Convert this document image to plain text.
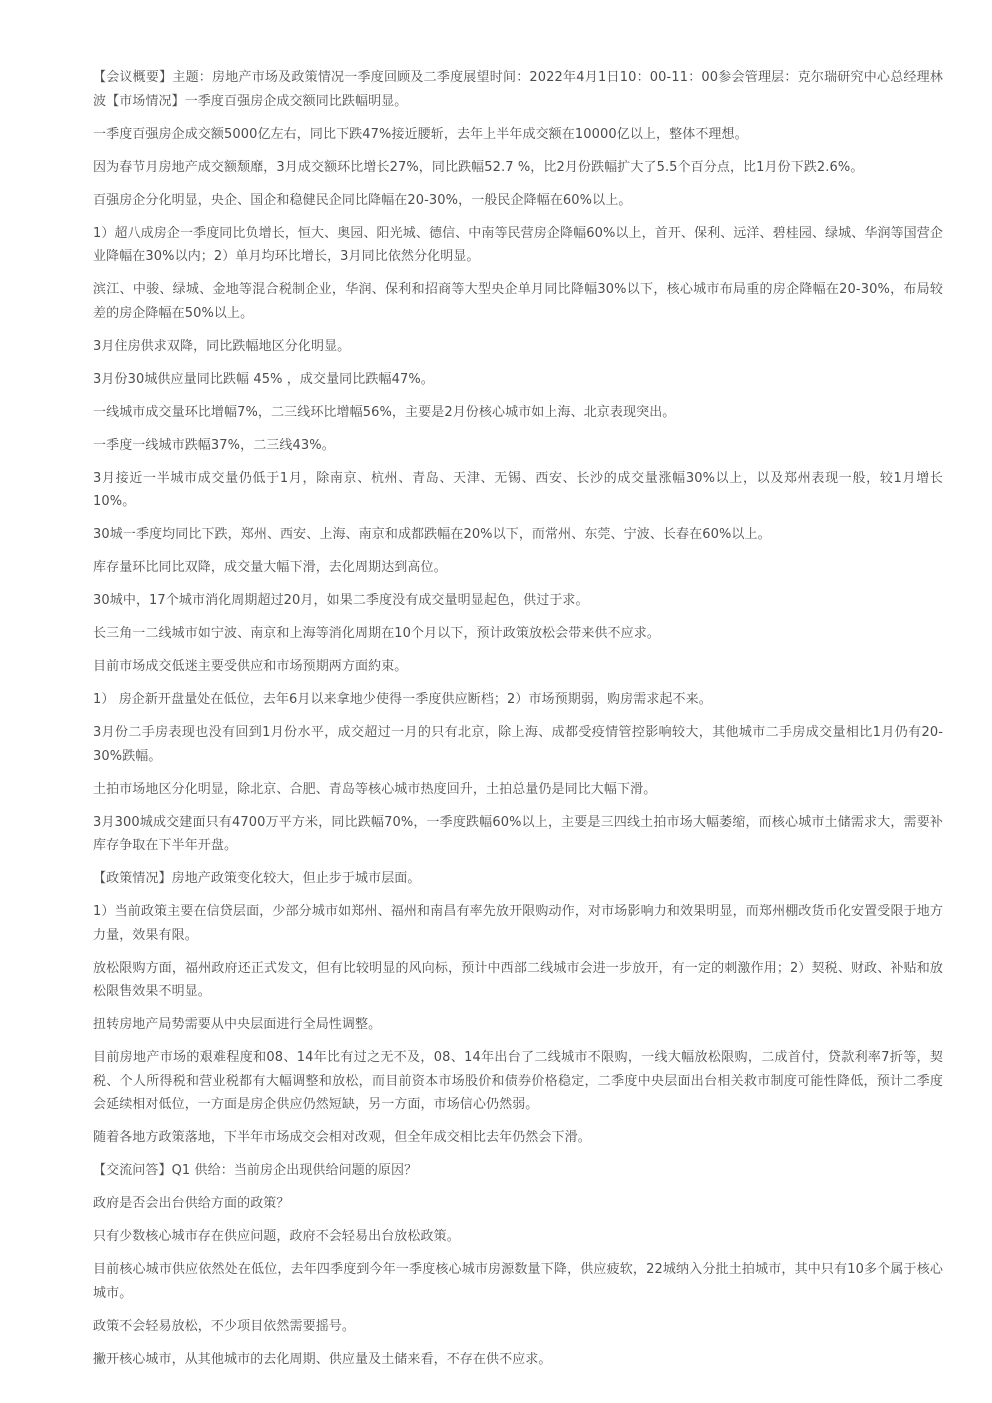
【会议概要】主题：房地产市场及政策情况一季度回顾及二季度展望时间：2022年4月1日10：00-11：00参会管理层：克尔瑞研究中心总经理林波【市场情况】一季度百强房企成交额同比跌幅明显。

一季度百强房企成交额5000亿左右，同比下跌47%接近腰斩，去年上半年成交额在10000亿以上，整体不理想。

因为春节月房地产成交额颓靡，3月成交额环比增长27%，同比跌幅52.7 %，比2月份跌幅扩大了5.5个百分点，比1月份下跌2.6%。

百强房企分化明显，央企、国企和稳健民企同比降幅在20-30%，一般民企降幅在60%以上。

1）超八成房企一季度同比负增长，恒大、奥园、阳光城、德信、中南等民营房企降幅60%以上，首开、保利、远洋、碧桂园、绿城、华润等国营企业降幅在30%以内；2）单月均环比增长，3月同比依然分化明显。

滨江、中骏、绿城、金地等混合税制企业，华润、保利和招商等大型央企单月同比降幅30%以下，核心城市布局重的房企降幅在20-30%，布局较差的房企降幅在50%以上。

3月住房供求双降，同比跌幅地区分化明显。

3月份30城供应量同比跌幅 45% ，成交量同比跌幅47%。

一线城市成交量环比增幅7%，二三线环比增幅56%，主要是2月份核心城市如上海、北京表现突出。

一季度一线城市跌幅37%，二三线43%。

3月接近一半城市成交量仍低于1月，除南京、杭州、青岛、天津、无锡、西安、长沙的成交量涨幅30%以上，以及郑州表现一般，较1月增长10%。

30城一季度均同比下跌，郑州、西安、上海、南京和成都跌幅在20%以下，而常州、东莞、宁波、长春在60%以上。

库存量环比同比双降，成交量大幅下滑，去化周期达到高位。

30城中，17个城市消化周期超过20月，如果二季度没有成交量明显起色，供过于求。

长三角一二线城市如宁波、南京和上海等消化周期在10个月以下，预计政策放松会带来供不应求。

目前市场成交低迷主要受供应和市场预期两方面約束。

1） 房企新开盘量处在低位，去年6月以来拿地少使得一季度供应断档；2）市场预期弱，购房需求起不来。

3月份二手房表现也没有回到1月份水平，成交超过一月的只有北京，除上海、成都受疫情管控影响较大，其他城市二手房成交量相比1月仍有20-30%跌幅。

土拍市场地区分化明显，除北京、合肥、青岛等核心城市热度回升，土拍总量仍是同比大幅下滑。

3月300城成交建面只有4700万平方米，同比跌幅70%，一季度跌幅60%以上，主要是三四线土拍市场大幅萎缩，而核心城市土储需求大，需要补库存争取在下半年开盘。

【政策情况】房地产政策变化较大，但止步于城市层面。

1）当前政策主要在信贷层面，少部分城市如郑州、福州和南昌有率先放开限购动作，对市场影响力和效果明显，而郑州棚改货币化安置受限于地方力量，效果有限。

放松限购方面，福州政府还正式发文，但有比较明显的风向标，预计中西部二线城市会进一步放开，有一定的刺激作用；2）契税、财政、补贴和放松限售效果不明显。

扭转房地产局势需要从中央层面进行全局性调整。

目前房地产市场的艰难程度和08、14年比有过之无不及，08、14年出台了二线城市不限购，一线大幅放松限购，二成首付，贷款利率7折等，契税、个人所得税和营业税都有大幅调整和放松，而目前资本市场股价和债券价格稳定，二季度中央层面出台相关救市制度可能性降低，预计二季度会延续相对低位，一方面是房企供应仍然短缺，另一方面，市场信心仍然弱。

随着各地方政策落地，下半年市场成交会相对改观，但全年成交相比去年仍然会下滑。

【交流问答】Q1 供给：当前房企出现供给问题的原因？

政府是否会出台供给方面的政策？

只有少数核心城市存在供应问题，政府不会轻易出台放松政策。

目前核心城市供应依然处在低位，去年四季度到今年一季度核心城市房源数量下降，供应疲软，22城纳入分批土拍城市，其中只有10多个属于核心城市。

政策不会轻易放松，不少项目依然需要摇号。

撇开核心城市，从其他城市的去化周期、供应量及土储来看，不存在供不应求。
